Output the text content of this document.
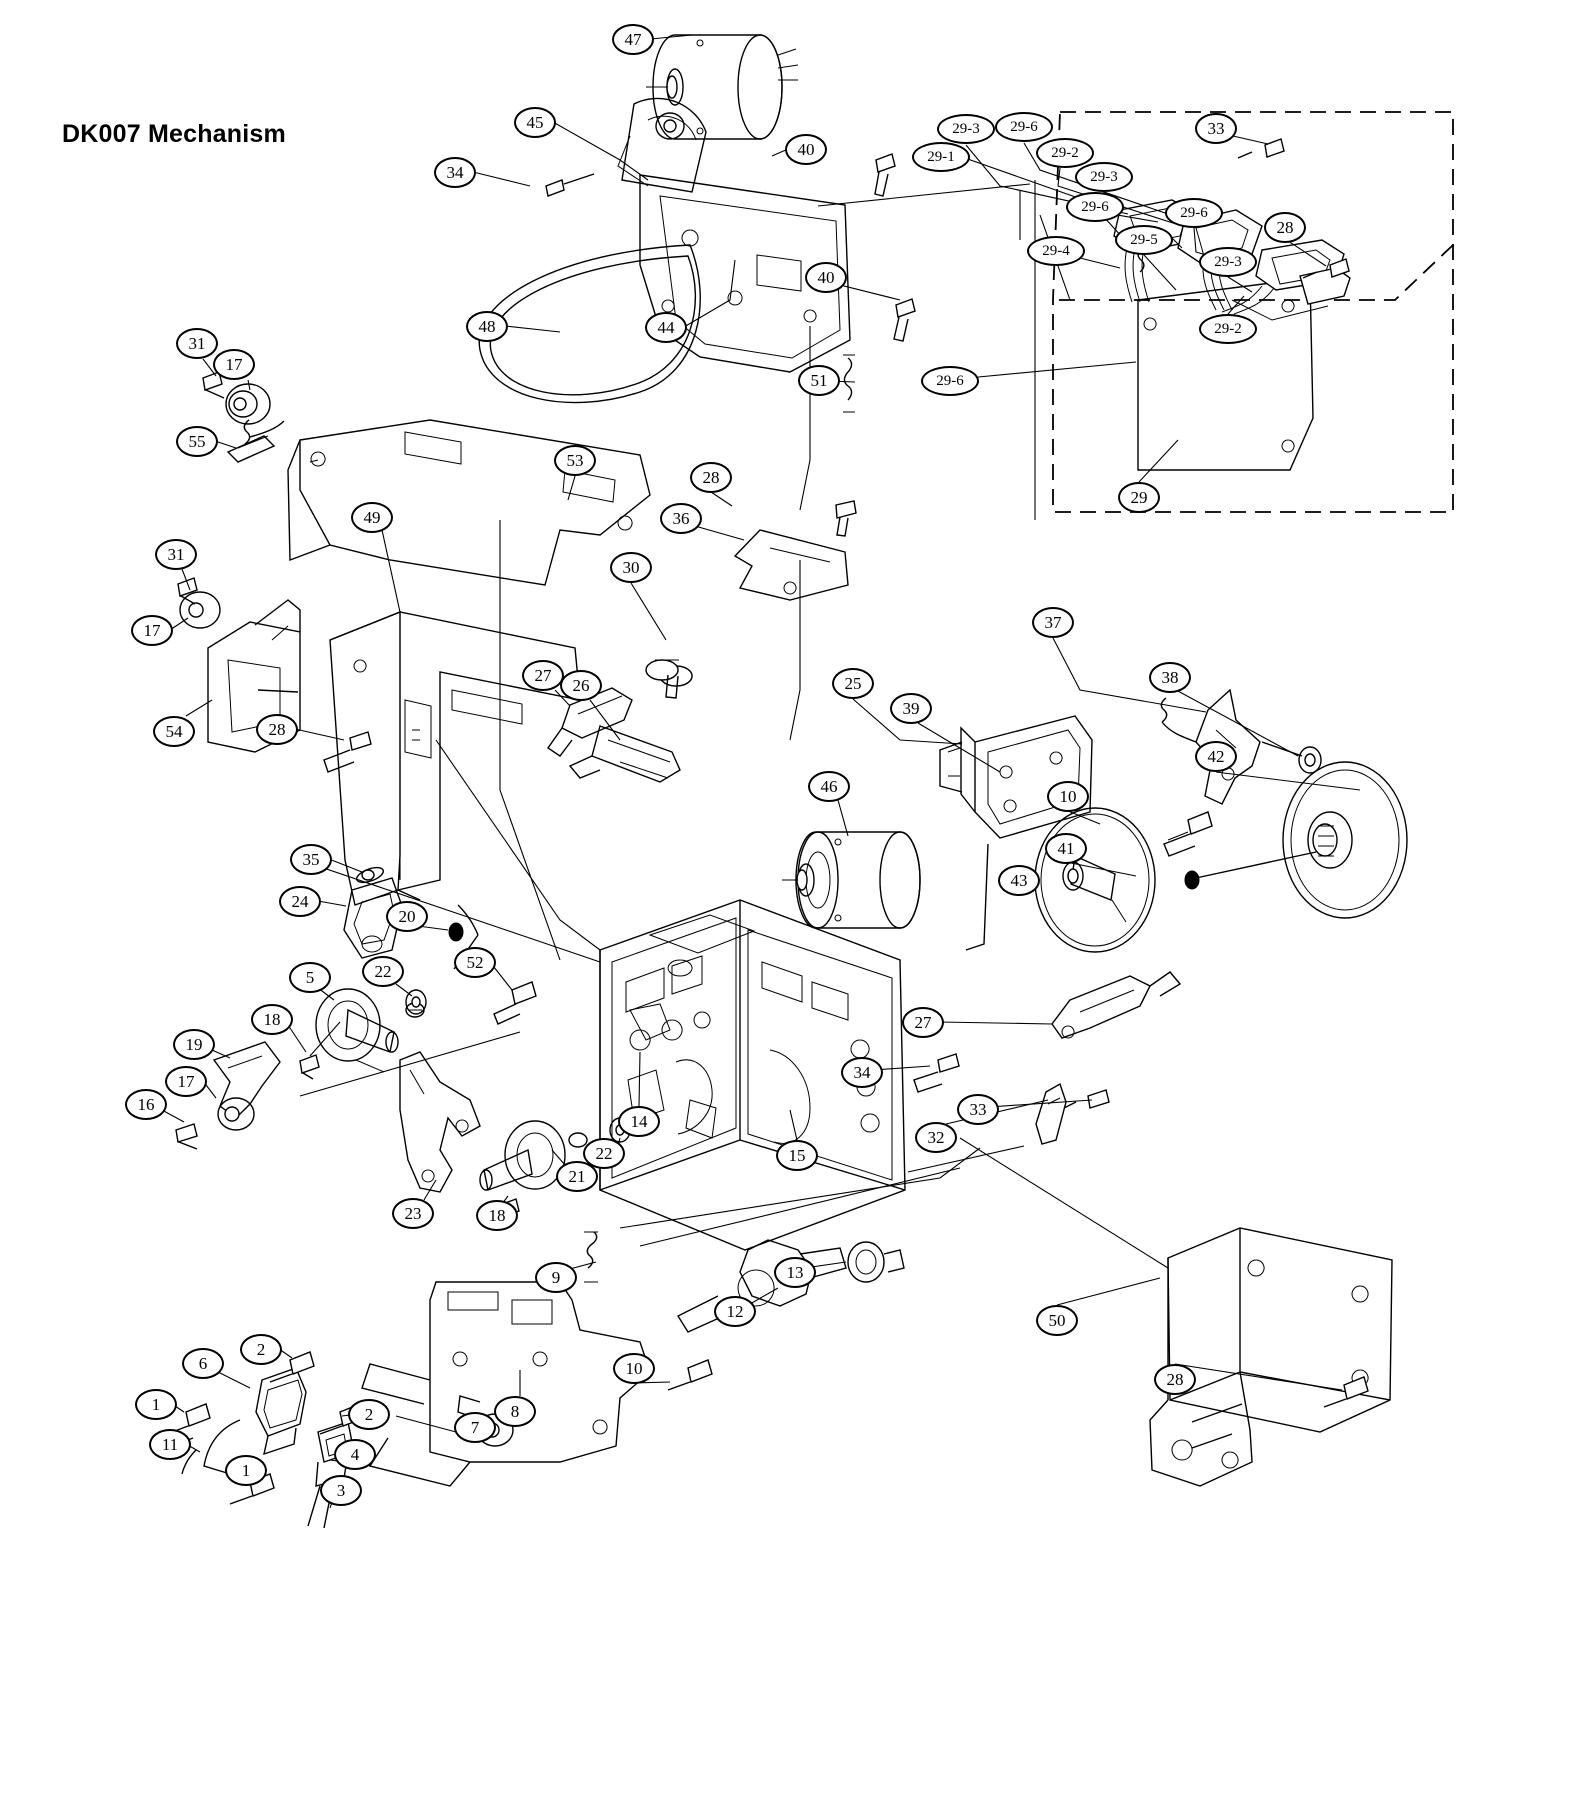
DK007 Mechanism
47
45
40
34
40
48	44
51
29-3	29-6	33
29-1	29-2
29-3
29-6	29-6
28
29-5
29-4
29-3
29-2
29-6
29
31
17
55
53
28
49	36
31
30
17	37
38
27
26	25
39
54	28
42
46
10
41
35
43
24
20
52
5	22
27
18
19
34
17
16
14
33
32
22	15
21
23	18
13
9
12	50
2
6	10
28
1
2
7
8
11
4
1
3
